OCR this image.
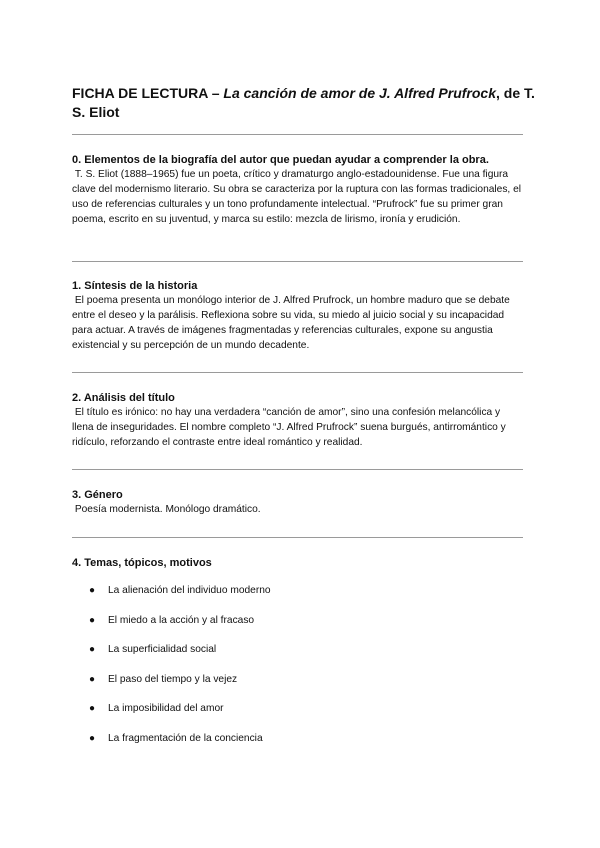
FICHA DE LECTURA – La canción de amor de J. Alfred Prufrock, de T. S. Eliot
0. Elementos de la biografía del autor que puedan ayudar a comprender la obra.

T. S. Eliot (1888–1965) fue un poeta, crítico y dramaturgo anglo-estadounidense. Fue una figura clave del modernismo literario. Su obra se caracteriza por la ruptura con las formas tradicionales, el uso de referencias culturales y un tono profundamente intelectual. “Prufrock” fue su primer gran poema, escrito en su juventud, y marca su estilo: mezcla de lirismo, ironía y erudición.

1. Síntesis de la historia

El poema presenta un monólogo interior de J. Alfred Prufrock, un hombre maduro que se debate entre el deseo y la parálisis. Reflexiona sobre su vida, su miedo al juicio social y su incapacidad para actuar. A través de imágenes fragmentadas y referencias culturales, expone su angustia existencial y su percepción de un mundo decadente.

2. Análisis del título

El título es irónico: no hay una verdadera “canción de amor”, sino una confesión melancólica y llena de inseguridades. El nombre completo “J. Alfred Prufrock” suena burgués, antirromántico y ridículo, reforzando el contraste entre ideal romántico y realidad.

3. Género

Poesía modernista. Monólogo dramático.

4. Temas, tópicos, motivos
● La alienación del individuo moderno
● El miedo a la acción y al fracaso
● La superficialidad social
● El paso del tiempo y la vejez
● La imposibilidad del amor
● La fragmentación de la conciencia
